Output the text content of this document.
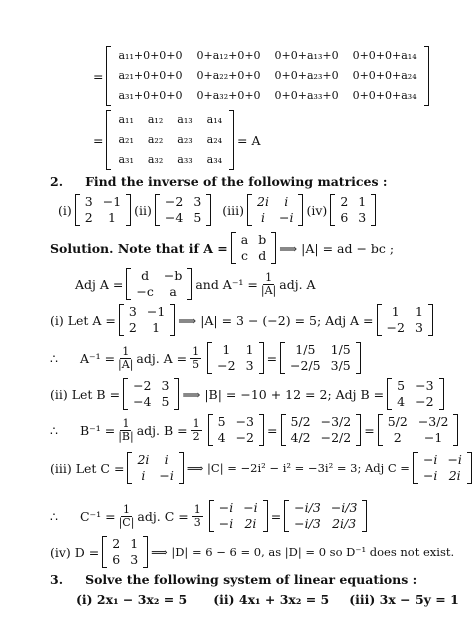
=
a₁₁+0+0+0	0+a₁₂+0+0	0+0+a₁₃+0	0+0+0+a₁₄
a₂₁+0+0+0	0+a₂₂+0+0	0+0+a₂₃+0	0+0+0+a₂₄
a₃₁+0+0+0	0+a₃₂+0+0	0+0+a₃₃+0	0+0+0+a₃₄
=
a₁₁	a₁₂	a₁₃	a₁₄
a₂₁	a₂₂	a₂₃	a₂₄
a₃₁	a₃₂	a₃₃	a₃₄
= A
2. Find the inverse of the following matrices :
(i)
3	−1
2	1 (ii)
−2	3
−4	5 (iii)
2i	i
i	−i (iv)
2	1
6	3
Solution. Note that if A =
a	b
c	d ⟹ |A| = ad − bc ;
Adj A =
d	−b
−c	a and $A^{-1} = \frac{1}{|A|}$ adj. A
(i) Let A =
3	−1
2	1 ⟹ |A| = 3 − (−2) = 5; Adj A =
1	1
−2	3
∴ $A^{-1} = \frac{1}{|A|}$ adj. $A = \frac{1}{5} 1$	1
−2	3 =
1/5	1/5
−2/5	3/5
(ii) Let B =
−2	3
−4	5 ⟹ |B| = −10 + 12 = 2; Adj B =
5	−3
4	−2
∴ $B^{-1} = \frac{1}{|B|}$ adj. $B = \frac{1}{2} 5$	−3
4	−2 =
5/2	−3/2
4/2	−2/2 =
5/2	−3/2
2	−1
(iii) Let C =
2i	i
i	−i ⟹ |C| = −2i² − i² = −3i² = 3; Adj C =
−i	−i
−i	2i
∴ $C^{-1} = \frac{1}{|C|}$ adj. $C = \frac{1}{3} -i$	−i
−i	2i =
−i/3	−i/3
−i/3	2i/3
(iv) D =
2	1
6	3 ⟹ |D| = 6 − 6 = 0, as |D| = 0 so D⁻¹ does not exist.
3. Solve the following system of linear equations :
(i) 2x₁ − 3x₂ = 5 (ii) 4x₁ + 3x₂ = 5 (iii) 3x − 5y = 1
